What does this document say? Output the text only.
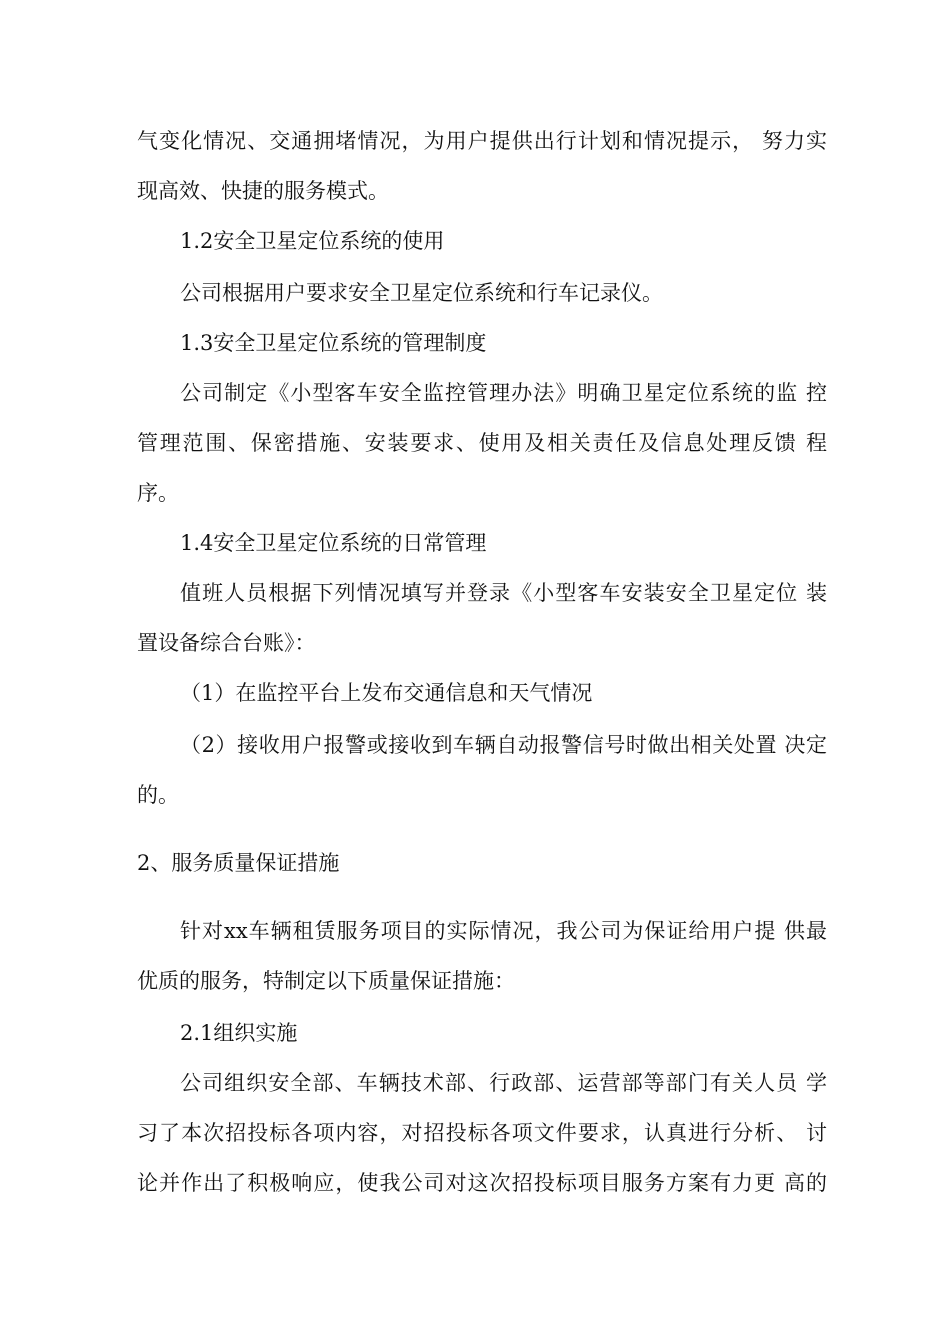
气变化情况、交通拥堵情况，为用户提供出行计划和情况提示， 努力实
现高效、快捷的服务模式。
1.2安全卫星定位系统的使用
公司根据用户要求安全卫星定位系统和行车记录仪。
1.3安全卫星定位系统的管理制度
公司制定《小型客车安全监控管理办法》明确卫星定位系统的监 控
管理范围、保密措施、安装要求、使用及相关责任及信息处理反馈 程
序。
1.4安全卫星定位系统的日常管理
值班人员根据下列情况填写并登录《小型客车安装安全卫星定位 装
置设备综合台账》：
（1）在监控平台上发布交通信息和天气情况
（2）接收用户报警或接收到车辆自动报警信号时做出相关处置 决定
的。
2、服务质量保证措施
针对xx车辆租赁服务项目的实际情况，我公司为保证给用户提 供最
优质的服务，特制定以下质量保证措施：
2.1组织实施
公司组织安全部、车辆技术部、行政部、运营部等部门有关人员 学
习了本次招投标各项内容，对招投标各项文件要求，认真进行分析、 讨
论并作出了积极响应，使我公司对这次招投标项目服务方案有力更 高的
